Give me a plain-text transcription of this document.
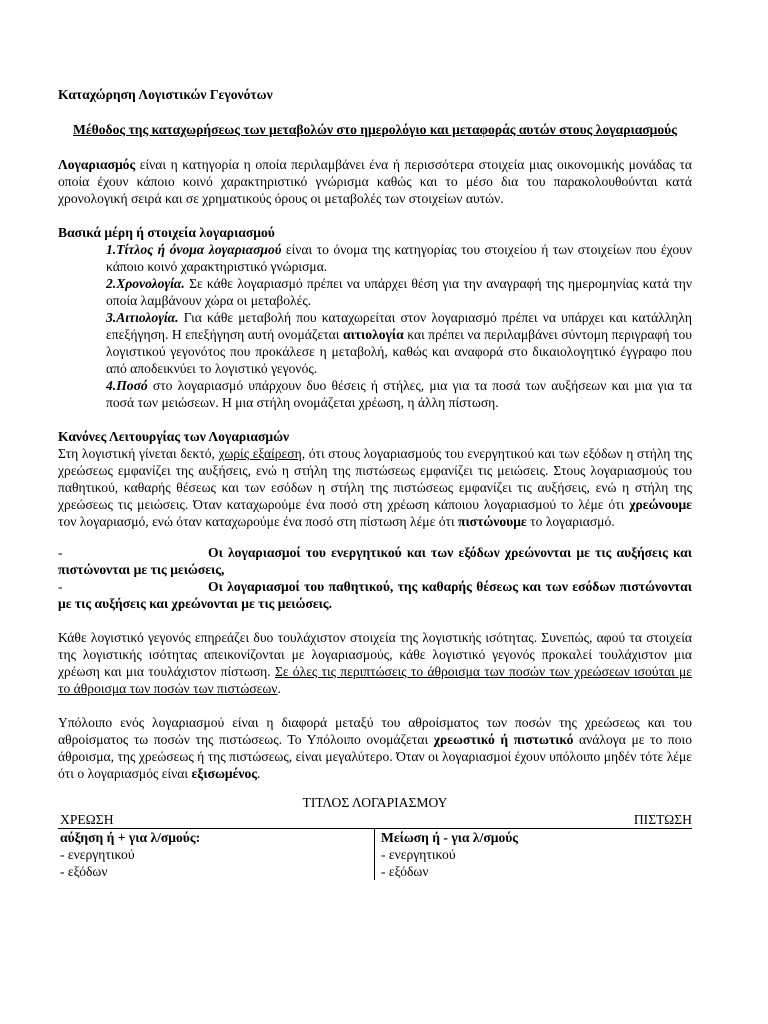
Καταχώρηση Λογιστικών Γεγονότων

Μέθοδος της καταχωρήσεως των μεταβολών στο ημερολόγιο και μεταφοράς αυτών στους λογαριασμούς

Λογαριασμός είναι η κατηγορία η οποία περιλαμβάνει ένα ή περισσότερα στοιχεία μιας οικονομικής μονάδας τα οποία έχουν κάποιο κοινό χαρακτηριστικό γνώρισμα καθώς και το μέσο δια του παρακολουθούνται κατά χρονολογική σειρά και σε χρηματικούς όρους οι μεταβολές των στοιχείων αυτών.

Βασικά μέρη ή στοιχεία λογαριασμού

1.Τίτλος ή όνομα λογαριασμού είναι το όνομα της κατηγορίας του στοιχείου ή των στοιχείων που έχουν κάποιο κοινό χαρακτηριστικό γνώρισμα.

2.Χρονολογία. Σε κάθε λογαριασμό πρέπει να υπάρχει θέση για την αναγραφή της ημερομηνίας κατά την οποία λαμβάνουν χώρα οι μεταβολές.

3.Αιτιολογία. Για κάθε μεταβολή που καταχωρείται στον λογαριασμό πρέπει να υπάρχει και κατάλληλη επεξήγηση. Η επεξήγηση αυτή ονομάζεται αιτιολογία και πρέπει να περιλαμβάνει σύντομη περιγραφή του λογιστικού γεγονότος που προκάλεσε η μεταβολή, καθώς και αναφορά στο δικαιολογητικό έγγραφο που από αποδεικνύει το λογιστικό γεγονός.

4.Ποσό στο λογαριασμό υπάρχουν δυο θέσεις ή στήλες, μια για τα ποσά των αυξήσεων και μια για τα ποσά των μειώσεων. Η μια στήλη ονομάζεται χρέωση, η άλλη πίστωση.

Κανόνες Λειτουργίας των Λογαριασμών

Στη λογιστική γίνεται δεκτό, χωρίς εξαίρεση, ότι στους λογαριασμούς του ενεργητικού και των εξόδων η στήλη της χρεώσεως εμφανίζει της αυξήσεις, ενώ η στήλη της πιστώσεως εμφανίζει τις μειώσεις. Στους λογαριασμούς του παθητικού, καθαρής θέσεως και των εσόδων η στήλη της πιστώσεως εμφανίζει τις αυξήσεις, ενώ η στήλη της χρεώσεως τις μειώσεις. Όταν καταχωρούμε ένα ποσό στη χρέωση κάποιου λογαριασμού το λέμε ότι χρεώνουμε τον λογαριασμό, ενώ όταν καταχωρούμε ένα ποσό στη πίστωση λέμε ότι πιστώνουμε το λογαριασμό.

-	Οι λογαριασμοί του ενεργητικού και των εξόδων χρεώνονται με τις αυξήσεις και πιστώνονται με τις μειώσεις,
-	Οι λογαριασμοί του παθητικού, της καθαρής θέσεως και των εσόδων πιστώνονται με τις αυξήσεις και χρεώνονται με τις μειώσεις.

Κάθε λογιστικό γεγονός επηρεάζει δυο τουλάχιστον στοιχεία της λογιστικής ισότητας. Συνεπώς, αφού τα στοιχεία της λογιστικής ισότητας απεικονίζονται με λογαριασμούς, κάθε λογιστικό γεγονός προκαλεί τουλάχιστον μια χρέωση και μια τουλάχιστον πίστωση. Σε όλες τις περιπτώσεις το άθροισμα των ποσών των χρεώσεων ισούται με το άθροισμα των ποσών των πιστώσεων.

Υπόλοιπο ενός λογαριασμού είναι η διαφορά μεταξύ του αθροίσματος των ποσών της χρεώσεως και του αθροίσματος τω ποσών της πιστώσεως. Το Υπόλοιπο ονομάζεται χρεωστικό ή πιστωτικό ανάλογα με το ποιο άθροισμα, της χρεώσεως ή της πιστώσεως, είναι μεγαλύτερο. Όταν οι λογαριασμοί έχουν υπόλοιπο μηδέν τότε λέμε ότι ο λογαριασμός είναι εξισωμένος.

ΤΙΤΛΟΣ ΛΟΓΑΡΙΑΣΜΟΥ

ΧΡΕΩΣΗ	ΠΙΣΤΩΣΗ
αύξηση ή + για λ/σμούς:
- ενεργητικού
- εξόδων
Μείωση ή - για λ/σμούς
- ενεργητικού
- εξόδων
